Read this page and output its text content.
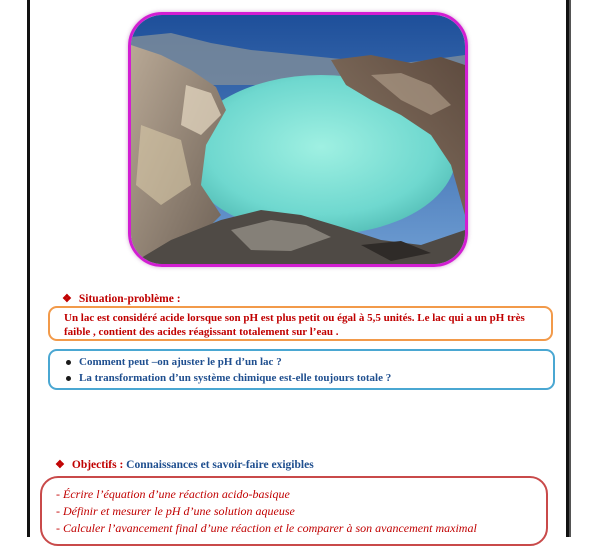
❖ Situation-problème :
Un lac est considéré acide lorsque son pH est plus petit ou égal à 5,5 unités. Le lac qui a un pH très faible , contient des acides réagissant totalement sur l’eau .
Comment peut –on ajuster le pH d’un lac ?
La transformation d’un système chimique est-elle toujours totale ?
❖ Objectifs : Connaissances et savoir-faire exigibles
- Écrire l’équation d’une réaction acido-basique
- Définir et mesurer le pH d’une solution aqueuse
- Calculer l’avancement final d’une réaction et le comparer à son avancement maximal
